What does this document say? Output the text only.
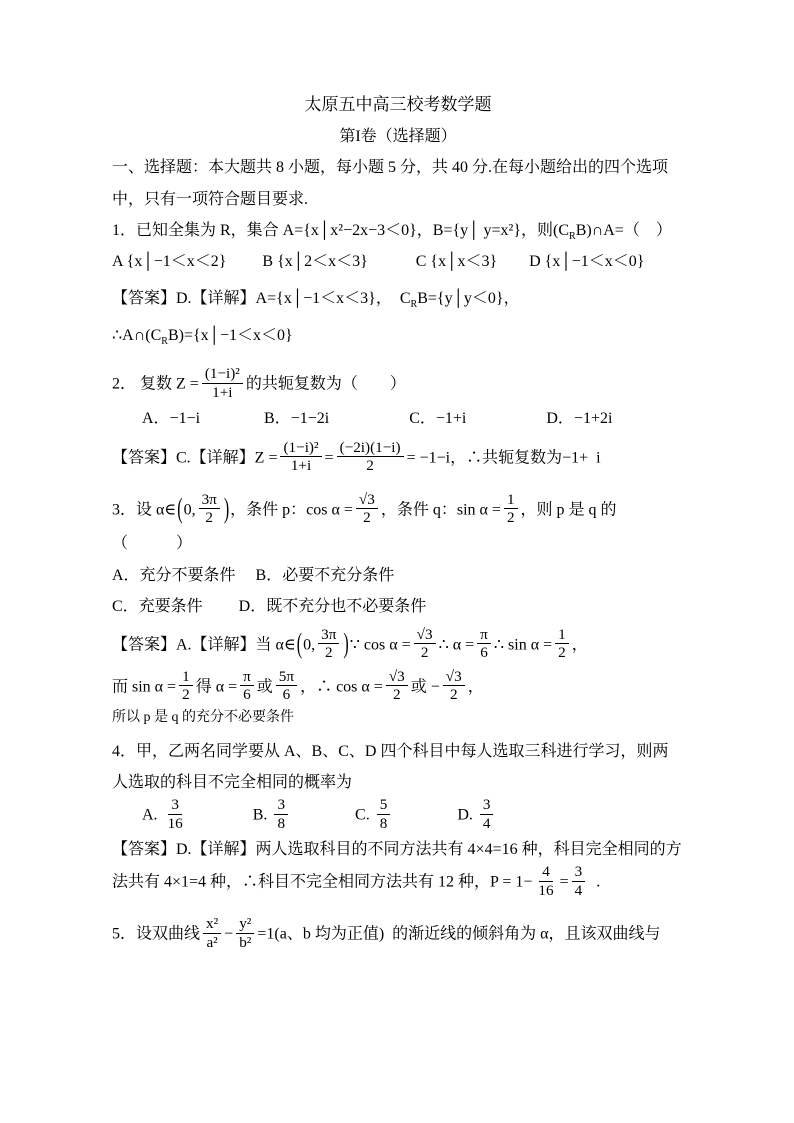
太原五中高三校考数学题
第I卷（选择题）
一、选择题：本大题共 8 小题，每小题 5 分，共 40 分.在每小题给出的四个选项中，只有一项符合题目要求.
1．已知全集为 R，集合 A={x│x²−2x−3＜0}，B={y│ y=x²}，则$(C_RB)\cap A=$（　）
A {x│−1＜x＜2}　　 B {x│2＜x＜3}　　　C {x│x＜3}　　D {x│−1＜x＜0}
【答案】D.【详解】A={x│−1＜x＜3}，  $C_RB=\{y│y<0\}$，
$\therefore A\cap(C_RB)=\{x│-1<x<0\}$
2． 复数 $Z = \frac{\text{(1−i)²}}{1+i}$ 的共轭复数为（　　）
A．−1−i　　　　B．−1−2i　　　　　C．−1+i　　　　　D．−1+2i
【答案】C.【详解】$Z = \frac{\text{(1−i)²}}{1+i} = \frac{(-2i)(1-i)}{2} = -1-i$，∴共轭复数为−1+  i
3．设 α∈(0, $\frac{3\pi}{2}$ )，条件 p：$\cos \alpha = \frac{√3}{2}$ ，条件 q：$\sin \alpha = \frac{1}{2}$ ，则 p 是 q 的（　　　）
A．充分不要条件　 B．必要不充分条件
C．充要条件　　 D．既不充分也不必要条件
【答案】A.【详解】当 α∈(0, $\frac{3\pi}{2}$ )∵ $\cos \alpha = \frac{√3}{2}$ ∴ $\alpha = \frac{\pi}{6}$ ∴ $\sin \alpha = \frac{1}{2}$ ，
而 $\sin \alpha = \frac{1}{2}$ 得 $\alpha = \frac{\pi}{6}$ 或 $\frac{5\pi}{6}$ ，∴ $\cos \alpha = \frac{√3}{2}$ 或 − $\frac{√3}{2}$ ，
所以 p 是 q 的充分不必要条件
4．甲，乙两名同学要从 A、B、C、D 四个科目中每人选取三科进行学习，则两人选取的科目不完全相同的概率为
A. $\frac{3}{16}$ 　　　　B. $\frac{3}{8}$ 　　　　C. $\frac{5}{8}$ 　　　　D. $\frac{3}{4}$
【答案】D.【详解】两人选取科目的不同方法共有 4×4=16 种，科目完全相同的方法共有 4×1=4 种，∴科目不完全相同方法共有 12 种，$P = 1- \frac{4}{16} = \frac{3}{4}$ .
5．设双曲线 $\frac{\text{x²}}{\text{a²}} - \frac{\text{y²}}{\text{b²}} =1(a$、b 均为正值)  的渐近线的倾斜角为 α，且该双曲线与
